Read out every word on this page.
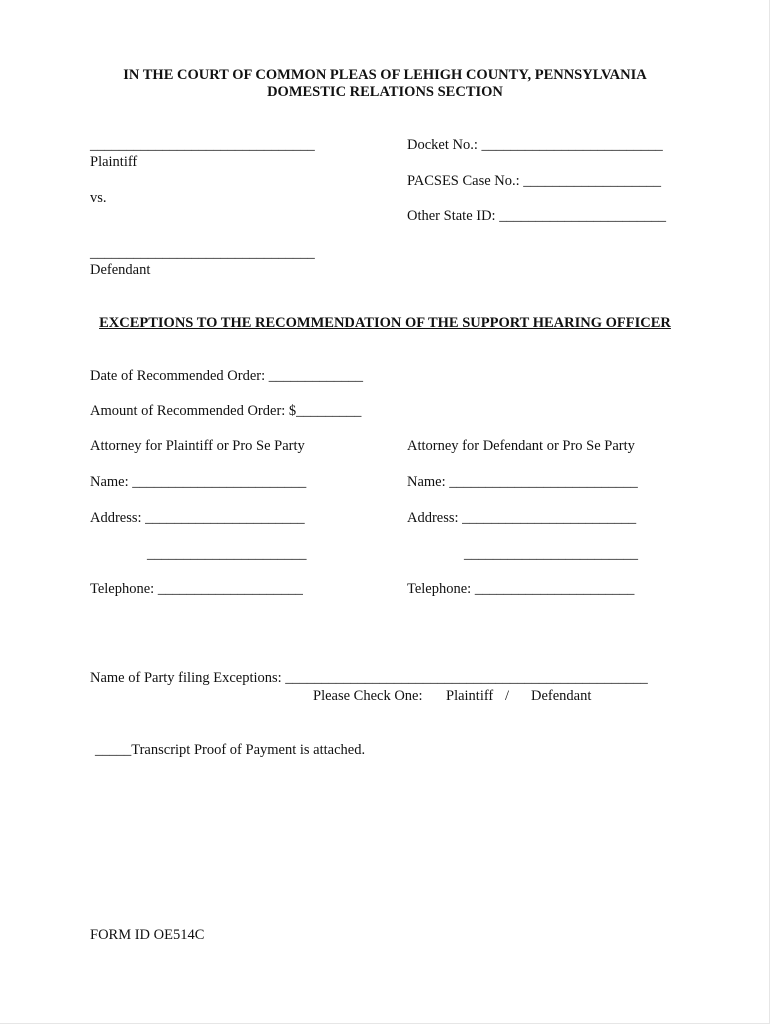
IN THE COURT OF COMMON PLEAS OF LEHIGH COUNTY, PENNSYLVANIA
DOMESTIC RELATIONS SECTION
_______________________________
Plaintiff
vs.
_______________________________
Defendant
Docket No.: _________________________
PACSES Case No.: ___________________
Other State ID: _______________________
EXCEPTIONS TO THE RECOMMENDATION OF THE SUPPORT HEARING OFFICER
Date of Recommended Order: _____________
Amount of Recommended Order: $_________
Attorney for Plaintiff or Pro Se Party
Name: ________________________
Address: ______________________
______________________
Telephone: ____________________
Attorney for Defendant or Pro Se Party
Name: __________________________
Address: ________________________
________________________
Telephone: ______________________
Name of Party filing Exceptions: __________________________________________________
Please Check One: Plaintiff / Defendant
_____Transcript Proof of Payment is attached.
FORM ID OE514C
